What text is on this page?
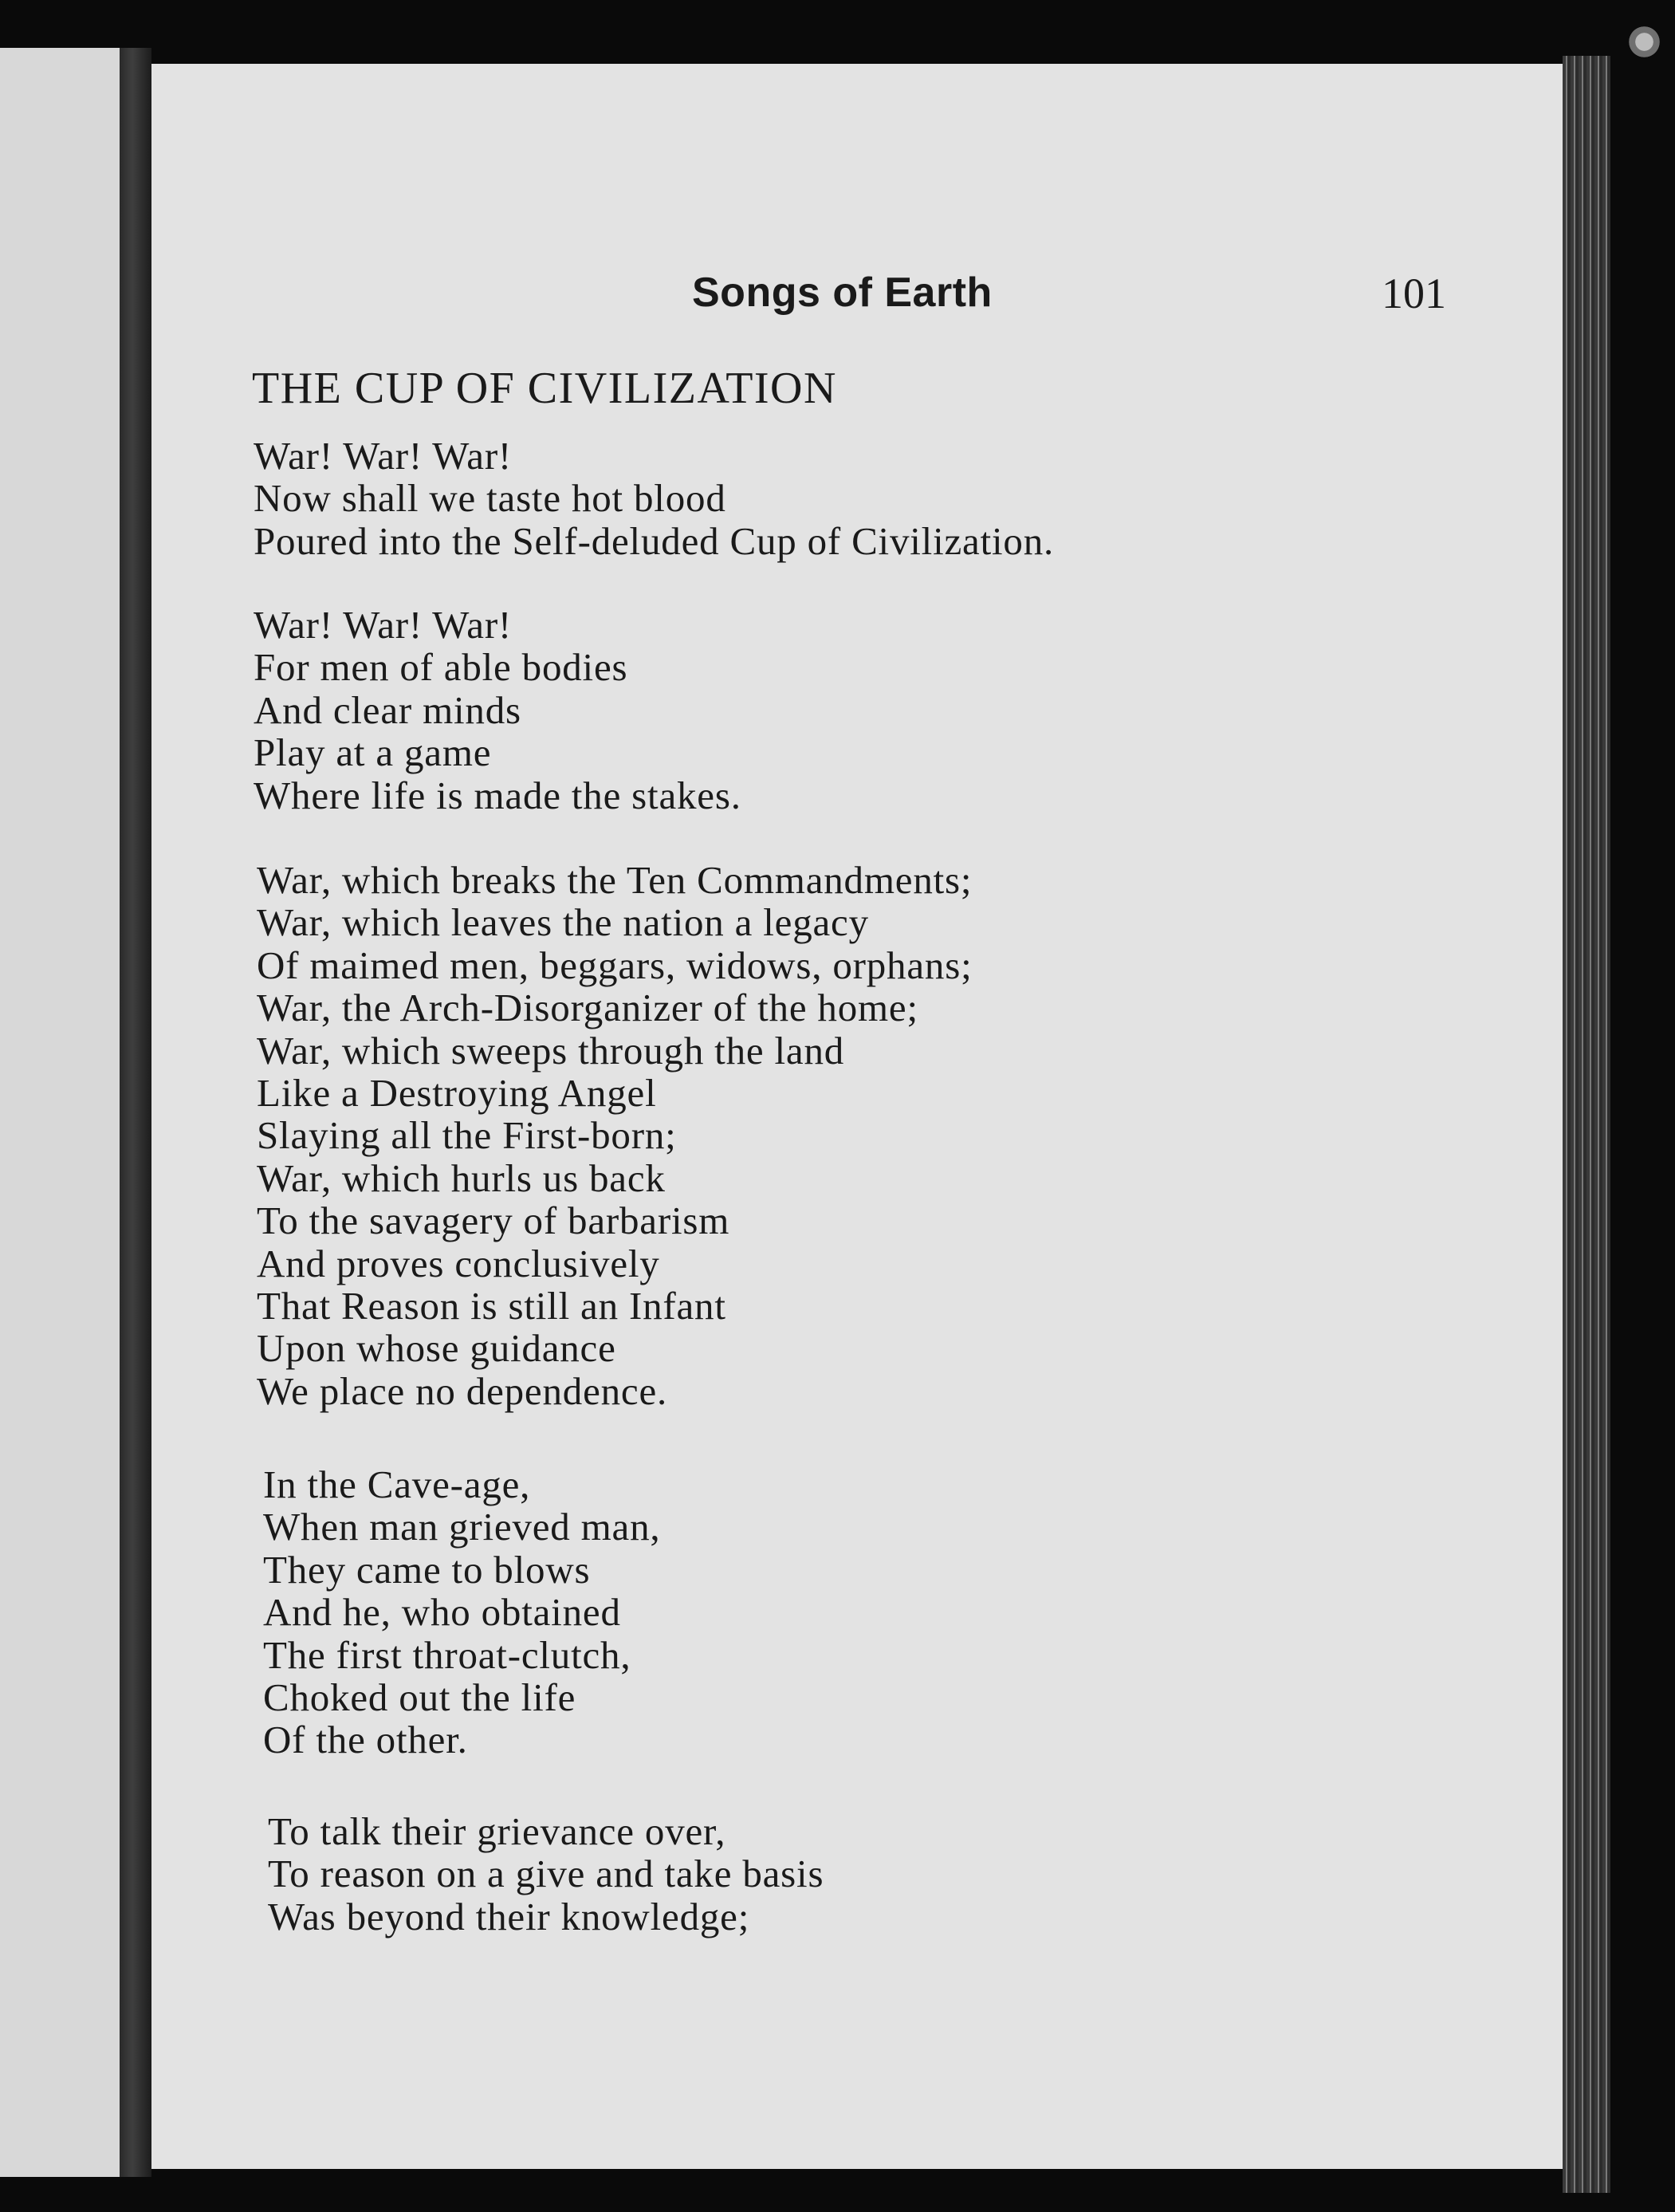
Songs of Earth	101
THE CUP OF CIVILIZATION
War! War! War!
Now shall we taste hot blood
Poured into the Self-deluded Cup of Civilization.
War! War! War!
For men of able bodies
And clear minds
Play at a game
Where life is made the stakes.
War, which breaks the Ten Commandments;
War, which leaves the nation a legacy
Of maimed men, beggars, widows, orphans;
War, the Arch-Disorganizer of the home;
War, which sweeps through the land
Like a Destroying Angel
Slaying all the First-born;
War, which hurls us back
To the savagery of barbarism
And proves conclusively
That Reason is still an Infant
Upon whose guidance
We place no dependence.
In the Cave-age,
When man grieved man,
They came to blows
And he, who obtained
The first throat-clutch,
Choked out the life
Of the other.
To talk their grievance over,
To reason on a give and take basis
Was beyond their knowledge;
